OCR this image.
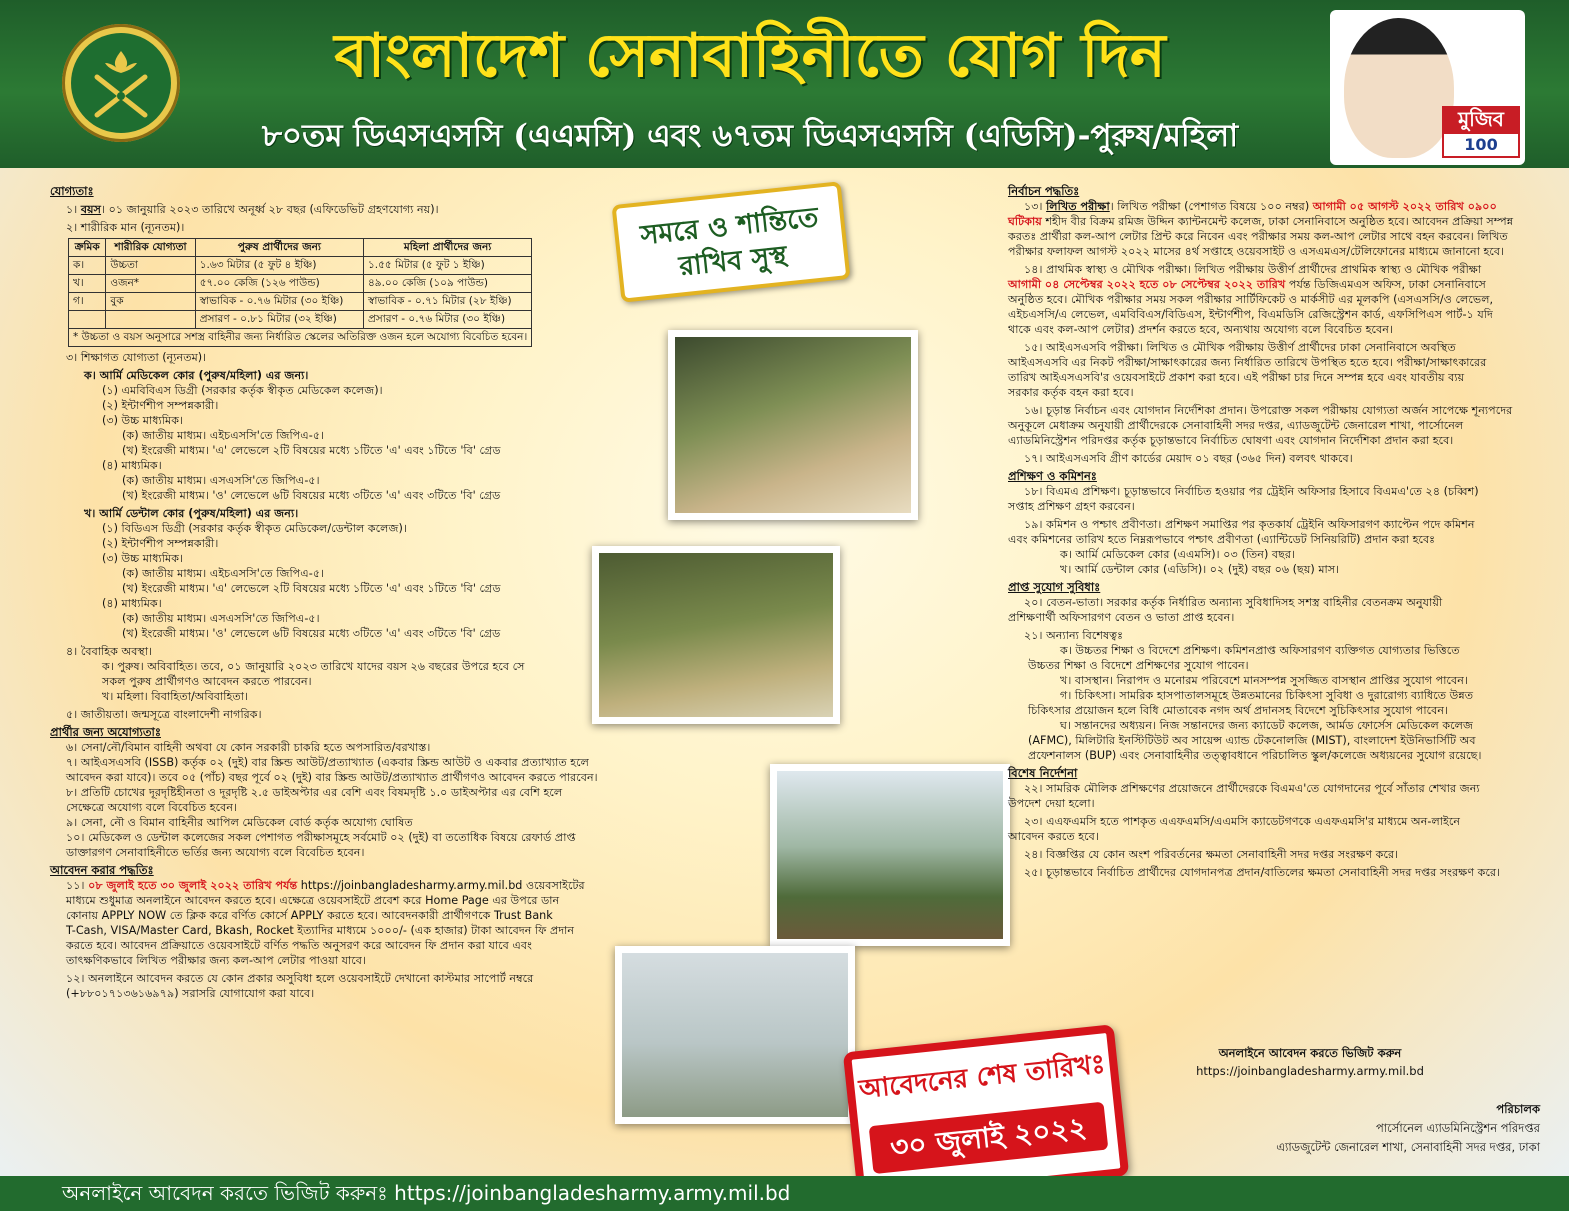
বাংলাদেশ সেনাবাহিনীতে যোগ দিন
৮০তম ডিএসএসসি (এএমসি) এবং ৬৭তম ডিএসএসসি (এডিসি)-পুরুষ/মহিলা	মুজিব
100
যোগ্যতাঃ
১। বয়স। ০১ জানুয়ারি ২০২৩ তারিখে অনূর্ধ্ব ২৮ বছর (এফিডেভিট গ্রহণযোগ্য নয়)।
২। শারীরিক মান (ন্যূনতম)।
ক্রমিক	শারীরিক যোগ্যতা	পুরুষ প্রার্থীদের জন্য	মহিলা প্রার্থীদের জন্য
ক।	উচ্চতা	১.৬৩ মিটার (৫ ফুট ৪ ইঞ্চি)	১.৫৫ মিটার (৫ ফুট ১ ইঞ্চি)
খ।	ওজন*	৫৭.০০ কেজি (১২৬ পাউন্ড)	৪৯.০০ কেজি (১০৯ পাউন্ড)
গ।	বুক	স্বাভাবিক - ০.৭৬ মিটার (৩০ ইঞ্চি)	স্বাভাবিক - ০.৭১ মিটার (২৮ ইঞ্চি)
		প্রসারণ - ০.৮১ মিটার (৩২ ইঞ্চি)	প্রসারণ - ০.৭৬ মিটার (৩০ ইঞ্চি)
* উচ্চতা ও বয়স অনুসারে সশস্ত্র বাহিনীর জন্য নির্ধারিত স্কেলের অতিরিক্ত ওজন হলে অযোগ্য বিবেচিত হবেন।			
৩। শিক্ষাগত যোগ্যতা (ন্যূনতম)।
ক। আর্মি মেডিকেল কোর (পুরুষ/মহিলা) এর জন্য।
(১) এমবিবিএস ডিগ্রী (সরকার কর্তৃক স্বীকৃত মেডিকেল কলেজ)।
(২) ইন্টার্ণশীপ সম্পন্নকারী।
(৩) উচ্চ মাধ্যমিক।
(ক) জাতীয় মাধ্যম। এইচএসসি'তে জিপিএ-৫।
(খ) ইংরেজী মাধ্যম। 'এ' লেভেলে ২টি বিষয়ের মধ্যে ১টিতে 'এ' এবং ১টিতে 'বি' গ্রেড
(৪) মাধ্যমিক।
(ক) জাতীয় মাধ্যম। এসএসসি'তে জিপিএ-৫।
(খ) ইংরেজী মাধ্যম। 'ও' লেভেলে ৬টি বিষয়ের মধ্যে ৩টিতে 'এ' এবং ৩টিতে 'বি' গ্রেড
খ। আর্মি ডেন্টাল কোর (পুরুষ/মহিলা) এর জন্য।
(১) বিডিএস ডিগ্রী (সরকার কর্তৃক স্বীকৃত মেডিকেল/ডেন্টাল কলেজ)।
(২) ইন্টার্ণশীপ সম্পন্নকারী।
(৩) উচ্চ মাধ্যমিক।
(ক) জাতীয় মাধ্যম। এইচএসসি'তে জিপিএ-৫।
(খ) ইংরেজী মাধ্যম। 'এ' লেভেলে ২টি বিষয়ের মধ্যে ১টিতে 'এ' এবং ১টিতে 'বি' গ্রেড
(৪) মাধ্যমিক।
(ক) জাতীয় মাধ্যম। এসএসসি'তে জিপিএ-৫।
(খ) ইংরেজী মাধ্যম। 'ও' লেভেলে ৬টি বিষয়ের মধ্যে ৩টিতে 'এ' এবং ৩টিতে 'বি' গ্রেড
৪। বৈবাহিক অবস্থা।
ক। পুরুষ। অবিবাহিত। তবে, ০১ জানুয়ারি ২০২৩ তারিখে যাদের বয়স ২৬ বছরের উপরে হবে সে
সকল পুরুষ প্রার্থীগণও আবেদন করতে পারবেন।
খ। মহিলা। বিবাহিতা/অবিবাহিতা।
৫। জাতীয়তা। জন্মসূত্রে বাংলাদেশী নাগরিক।
প্রার্থীর জন্য অযোগ্যতাঃ
৬। সেনা/নৌ/বিমান বাহিনী অথবা যে কোন সরকারী চাকরি হতে অপসারিত/বরখাস্ত।
৭। আইএসএসবি (ISSB) কর্তৃক ০২ (দুই) বার স্ক্রিন্ড আউট/প্রত্যাখ্যাত (একবার স্ক্রিন্ড আউট ও একবার প্রত্যাখ্যাত হলে
আবেদন করা যাবে)। তবে ০৫ (পাঁচ) বছর পূর্বে ০২ (দুই) বার স্ক্রিন্ড আউট/প্রত্যাখ্যাত প্রার্থীগণও আবেদন করতে পারবেন।
৮। প্রতিটি চোখের দূরদৃষ্টিহীনতা ও দূরদৃষ্টি ২.৫ ডাইঅপ্টার এর বেশি এবং বিষমদৃষ্টি ১.০ ডাইঅপ্টার এর বেশি হলে
সেক্ষেত্রে অযোগ্য বলে বিবেচিত হবেন।
৯। সেনা, নৌ ও বিমান বাহিনীর আপিল মেডিকেল বোর্ড কর্তৃক অযোগ্য ঘোষিত
১০। মেডিকেল ও ডেন্টাল কলেজের সকল পেশাগত পরীক্ষাসমূহে সর্বমোট ০২ (দুই) বা ততোধিক বিষয়ে রেফার্ড প্রাপ্ত
ডাক্তারগণ সেনাবাহিনীতে ভর্তির জন্য অযোগ্য বলে বিবেচিত হবেন।
আবেদন করার পদ্ধতিঃ
১১। ০৮ জুলাই হতে ৩০ জুলাই ২০২২ তারিখ পর্যন্ত https://joinbangladesharmy.army.mil.bd ওয়েবসাইটের
মাধ্যমে শুধুমাত্র অনলাইনে আবেদন করতে হবে। এক্ষেত্রে ওয়েবসাইটে প্রবেশ করে Home Page এর উপরে ডান
কোনায় APPLY NOW তে ক্লিক করে বর্ণিত কোর্সে APPLY করতে হবে। আবেদনকারী প্রার্থীগণকে Trust Bank
T-Cash, VISA/Master Card, Bkash, Rocket ইত্যাদির মাধ্যমে ১০০০/- (এক হাজার) টাকা আবেদন ফি প্রদান
করতে হবে। আবেদন প্রক্রিয়াতে ওয়েবসাইটে বর্ণিত পদ্ধতি অনুসরণ করে আবেদন ফি প্রদান করা যাবে এবং
তাৎক্ষণিকভাবে লিখিত পরীক্ষার জন্য কল-আপ লেটার পাওয়া যাবে।
১২। অনলাইনে আবেদন করতে যে কোন প্রকার অসুবিধা হলে ওয়েবসাইটে দেখানো কাস্টমার সাপোর্ট নম্বরে
(+৮৮০১৭১৩৬১৬৯৭৯) সরাসরি যোগাযোগ করা যাবে।
সমরে ও শান্তিতে
রাখিব সুস্থ
আবেদনের শেষ তারিখঃ
৩০ জুলাই ২০২২
নির্বাচন পদ্ধতিঃ
১৩। লিখিত পরীক্ষা। লিখিত পরীক্ষা (পেশাগত বিষয়ে ১০০ নম্বর) আগামী ০৫ আগস্ট ২০২২ তারিখ ০৯০০
ঘটিকায় শহীদ বীর বিক্রম রমিজ উদ্দিন ক্যান্টনমেন্ট কলেজ, ঢাকা সেনানিবাসে অনুষ্ঠিত হবে। আবেদন প্রক্রিয়া সম্পন্ন
করতঃ প্রার্থীরা কল-আপ লেটার প্রিন্ট করে নিবেন এবং পরীক্ষার সময় কল-আপ লেটার সাথে বহন করবেন। লিখিত
পরীক্ষার ফলাফল আগস্ট ২০২২ মাসের ৪র্থ সপ্তাহে ওয়েবসাইট ও এসএমএস/টেলিফোনের মাধ্যমে জানানো হবে।
১৪। প্রাথমিক স্বাস্থ্য ও মৌখিক পরীক্ষা। লিখিত পরীক্ষায় উত্তীর্ণ প্রার্থীদের প্রাথমিক স্বাস্থ্য ও মৌখিক পরীক্ষা
আগামী ০৪ সেপ্টেম্বর ২০২২ হতে ০৮ সেপ্টেম্বর ২০২২ তারিখ পর্যন্ত ডিজিএমএস অফিস, ঢাকা সেনানিবাসে
অনুষ্ঠিত হবে। মৌখিক পরীক্ষার সময় সকল পরীক্ষার সার্টিফিকেট ও মার্কসীট এর মূলকপি (এসএসসি/ও লেভেল,
এইচএসসি/এ লেভেল, এমবিবিএস/বিডিএস, ইন্টার্ণশীপ, বিএমডিসি রেজিস্ট্রেশন কার্ড, এফসিপিএস পার্ট-১ যদি
থাকে এবং কল-আপ লেটার) প্রদর্শন করতে হবে, অন্যথায় অযোগ্য বলে বিবেচিত হবেন।
১৫। আইএসএসবি পরীক্ষা। লিখিত ও মৌখিক পরীক্ষায় উত্তীর্ণ প্রার্থীদের ঢাকা সেনানিবাসে অবস্থিত
আইএসএসবি এর নিকট পরীক্ষা/সাক্ষাৎকারের জন্য নির্ধারিত তারিখে উপস্থিত হতে হবে। পরীক্ষা/সাক্ষাৎকারের
তারিখ আইএসএসবি'র ওয়েবসাইটে প্রকাশ করা হবে। এই পরীক্ষা চার দিনে সম্পন্ন হবে এবং যাবতীয় ব্যয়
সরকার কর্তৃক বহন করা হবে।
১৬। চূড়ান্ত নির্বাচন এবং যোগদান নির্দেশিকা প্রদান। উপরোক্ত সকল পরীক্ষায় যোগ্যতা অর্জন সাপেক্ষে শূন্যপদের
অনুকূলে মেধাক্রম অনুযায়ী প্রার্থীদেরকে সেনাবাহিনী সদর দপ্তর, এ্যাডজুটেন্ট জেনারেল শাখা, পার্সোনেল
এ্যাডমিনিস্ট্রেশন পরিদপ্তর কর্তৃক চূড়ান্তভাবে নির্বাচিত ঘোষণা এবং যোগদান নির্দেশিকা প্রদান করা হবে।
১৭। আইএসএসবি গ্রীণ কার্ডের মেয়াদ ০১ বছর (৩৬৫ দিন) বলবৎ থাকবে।
প্রশিক্ষণ ও কমিশনঃ
১৮। বিএমএ প্রশিক্ষণ। চূড়ান্তভাবে নির্বাচিত হওয়ার পর ট্রেইনি অফিসার হিসাবে বিএমএ'তে ২৪ (চব্বিশ)
সপ্তাহ প্রশিক্ষণ গ্রহণ করবেন।
১৯। কমিশন ও পশ্চাৎ প্রবীণতা। প্রশিক্ষণ সমাপ্তির পর কৃতকার্য ট্রেইনি অফিসারগণ ক্যাপ্টেন পদে কমিশন
এবং কমিশনের তারিখ হতে নিম্নরূপভাবে পশ্চাৎ প্রবীণতা (এ্যান্টিডেট সিনিয়রিটি) প্রদান করা হবেঃ
ক। আর্মি মেডিকেল কোর (এএমসি)। ০৩ (তিন) বছর।
খ। আর্মি ডেন্টাল কোর (এডিসি)। ০২ (দুই) বছর ০৬ (ছয়) মাস।
প্রাপ্ত সুযোগ সুবিধাঃ
২০। বেতন-ভাতা। সরকার কর্তৃক নির্ধারিত অন্যান্য সুবিধাদিসহ সশস্ত্র বাহিনীর বেতনক্রম অনুযায়ী
প্রশিক্ষণার্থী অফিসারগণ বেতন ও ভাতা প্রাপ্ত হবেন।
২১। অন্যান্য বিশেষত্বঃ
ক। উচ্চতর শিক্ষা ও বিদেশে প্রশিক্ষণ। কমিশনপ্রাপ্ত অফিসারগণ ব্যক্তিগত যোগ্যতার ভিত্তিতে
উচ্চতর শিক্ষা ও বিদেশে প্রশিক্ষণের সুযোগ পাবেন।
খ। বাসস্থান। নিরাপদ ও মনোরম পরিবেশে মানসম্পন্ন সুসজ্জিত বাসস্থান প্রাপ্তির সুযোগ পাবেন।
গ। চিকিৎসা। সামরিক হাসপাতালসমূহে উন্নতমানের চিকিৎসা সুবিধা ও দুরারোগ্য ব্যাধিতে উন্নত
চিকিৎসার প্রয়োজন হলে বিধি মোতাবেক নগদ অর্থ প্রদানসহ বিদেশে সুচিকিৎসার সুযোগ পাবেন।
ঘ। সন্তানদের অধ্যয়ন। নিজ সন্তানদের জন্য ক্যাডেট কলেজ, আর্মড ফোর্সেস মেডিকেল কলেজ
(AFMC), মিলিটারি ইনস্টিটিউট অব সায়েন্স এ্যান্ড টেকনোলজি (MIST), বাংলাদেশ ইউনিভার্সিটি অব
প্রফেশনালস (BUP) এবং সেনাবাহিনীর তত্ত্বাবধানে পরিচালিত স্কুল/কলেজে অধ্যয়নের সুযোগ রয়েছে।
বিশেষ নির্দেশনা
২২। সামরিক মৌলিক প্রশিক্ষণের প্রয়োজনে প্রার্থীদেরকে বিএমএ'তে যোগদানের পূর্বে সাঁতার শেখার জন্য
উপদেশ দেয়া হলো।
২৩। এএফএমসি হতে পাশকৃত এএফএমসি/এএমসি ক্যাডেটগণকে এএফএমসি'র মাধ্যমে অন-লাইনে
আবেদন করতে হবে।
২৪। বিজ্ঞপ্তির যে কোন অংশ পরিবর্তনের ক্ষমতা সেনাবাহিনী সদর দপ্তর সংরক্ষণ করে।
২৫। চূড়ান্তভাবে নির্বাচিত প্রার্থীদের যোগদানপত্র প্রদান/বাতিলের ক্ষমতা সেনাবাহিনী সদর দপ্তর সংরক্ষণ করে।
অনলাইনে আবেদন করতে ভিজিট করুন
https://joinbangladesharmy.army.mil.bd
পরিচালক
পার্সোনেল এ্যাডমিনিস্ট্রেশন পরিদপ্তর
এ্যাডজুটেন্ট জেনারেল শাখা, সেনাবাহিনী সদর দপ্তর, ঢাকা
অনলাইনে আবেদন করতে ভিজিট করুনঃ https://joinbangladesharmy.army.mil.bd
